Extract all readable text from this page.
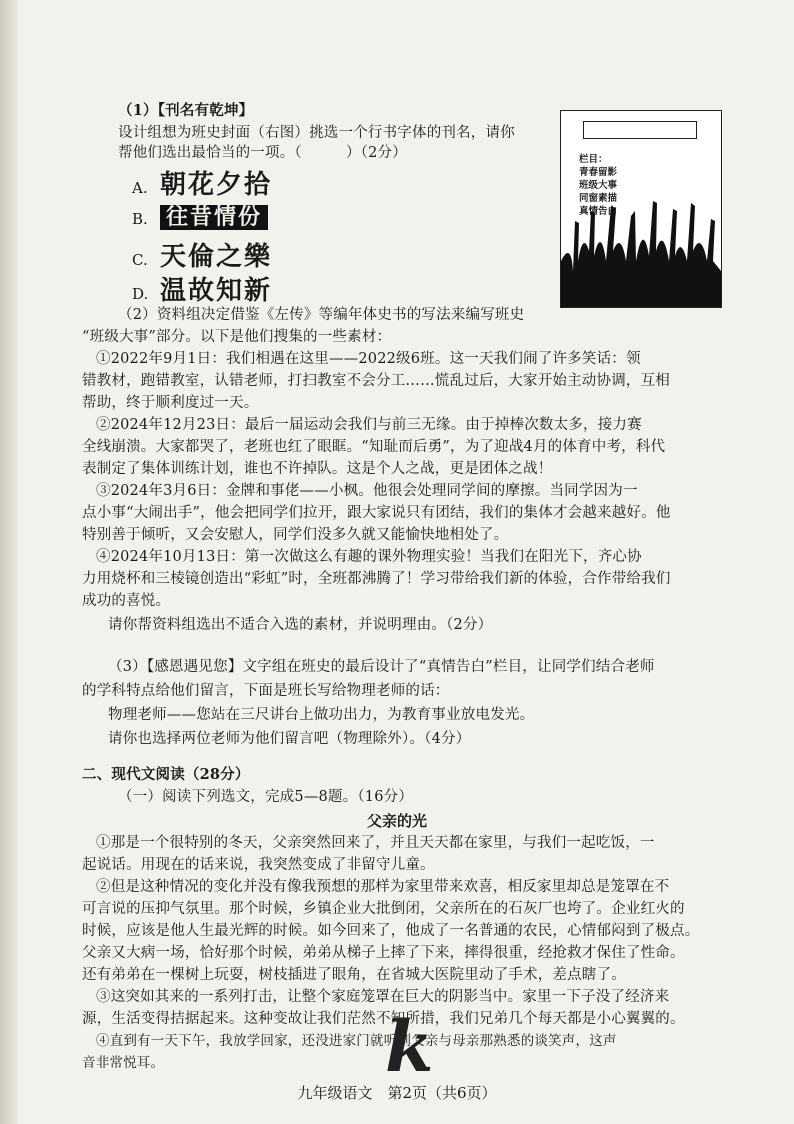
（1）【刊名有乾坤】
设计组想为班史封面（右图）挑选一个行书字体的刊名，请你
帮他们选出最恰当的一项。（　　　）（2分）
A. 朝花夕拾
B. 往昔情份
C. 天倫之樂
D. 温故知新
栏目：
青春留影
班级大事
同窗素描
真情告白
（2）资料组决定借鉴《左传》等编年体史书的写法来编写班史
“班级大事”部分。以下是他们搜集的一些素材：
①2022年9月1日：我们相遇在这里——2022级6班。这一天我们闹了许多笑话：领
错教材，跑错教室，认错老师，打扫教室不会分工……慌乱过后，大家开始主动协调，互相
帮助，终于顺利度过一天。
②2024年12月23日：最后一届运动会我们与前三无缘。由于掉棒次数太多，接力赛
全线崩溃。大家都哭了，老班也红了眼眶。“知耻而后勇”，为了迎战4月的体育中考，科代
表制定了集体训练计划，谁也不许掉队。这是个人之战，更是团体之战！
③2024年3月6日：金牌和事佬——小枫。他很会处理同学间的摩擦。当同学因为一
点小事“大闹出手”，他会把同学们拉开，跟大家说只有团结，我们的集体才会越来越好。他
特别善于倾听，又会安慰人，同学们没多久就又能愉快地相处了。
④2024年10月13日：第一次做这么有趣的课外物理实验！当我们在阳光下，齐心协
力用烧杯和三棱镜创造出“彩虹”时，全班都沸腾了！学习带给我们新的体验，合作带给我们
成功的喜悦。
请你帮资料组选出不适合入选的素材，并说明理由。（2分）
（3）【感恩遇见您】文字组在班史的最后设计了“真情告白”栏目，让同学们结合老师
的学科特点给他们留言，下面是班长写给物理老师的话：
物理老师——您站在三尺讲台上做功出力，为教育事业放电发光。
请你也选择两位老师为他们留言吧（物理除外）。（4分）
二、现代文阅读（28分）
（一）阅读下列选文，完成5—8题。（16分）
父亲的光
①那是一个很特别的冬天，父亲突然回来了，并且天天都在家里，与我们一起吃饭，一
起说话。用现在的话来说，我突然变成了非留守儿童。
②但是这种情况的变化并没有像我预想的那样为家里带来欢喜，相反家里却总是笼罩在不
可言说的压抑气氛里。那个时候，乡镇企业大批倒闭，父亲所在的石灰厂也垮了。企业红火的
时候，应该是他人生最光辉的时候。如今回来了，他成了一名普通的农民，心情郁闷到了极点。
父亲又大病一场，恰好那个时候，弟弟从梯子上摔了下来，摔得很重，经抢救才保住了性命。
还有弟弟在一棵树上玩耍，树枝插进了眼角，在省城大医院里动了手术，差点瞎了。
③这突如其来的一系列打击，让整个家庭笼罩在巨大的阴影当中。家里一下子没了经济来
源，生活变得拮据起来。这种变故让我们茫然不知所措，我们兄弟几个每天都是小心翼翼的。
④直到有一天下午，我放学回家，还没进家门就听到父亲与母亲那熟悉的谈笑声，这声
音非常悦耳。	k
九年级语文　第2页（共6页）
